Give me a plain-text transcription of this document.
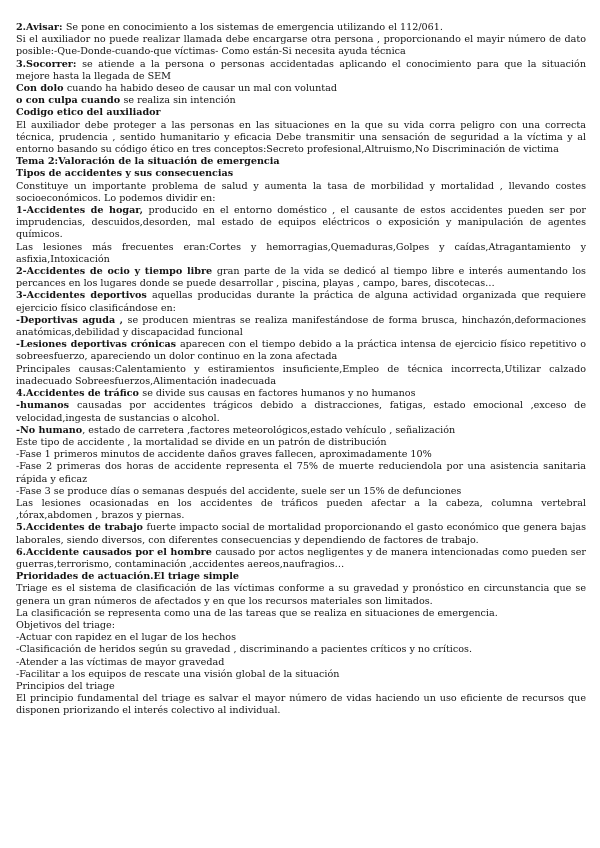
2.Avisar: Se pone en conocimiento a los sistemas de emergencia utilizando el 112/061.

Si el auxiliador no puede realizar llamada debe encargarse otra persona , proporcionando el mayir número de dato posible:-Que-Donde-cuando-que víctimas- Como están-Si necesita ayuda técnica

3.Socorrer: se atiende a la persona o personas accidentadas aplicando el conocimiento para que la situación mejore hasta la llegada de SEM

Con dolo cuando ha habido deseo de causar un mal con voluntad

o con culpa cuando se realiza sin intención

Codigo etico del auxiliador

El auxiliador debe proteger a las personas en las situaciones en la que su vida corra peligro con una correcta técnica, prudencia , sentido humanitario y eficacia Debe transmitir una sensación de seguridad a la víctima y al entorno basando su código ético en tres conceptos:Secreto profesional,Altruismo,No Discriminación de victima

Tema 2:Valoración de la situación de emergencia

Tipos de accidentes y sus consecuencias

Constituye un importante problema de salud y aumenta la tasa de morbilidad y mortalidad , llevando costes socioeconómicos. Lo podemos dividir en:

1-Accidentes de hogar, producido en el entorno doméstico , el causante de estos accidentes pueden ser por imprudencias, descuidos,desorden, mal estado de equipos eléctricos o exposición y manipulación de agentes químicos.

Las lesiones más frecuentes eran:Cortes y hemorragias,Quemaduras,Golpes y caídas,Atragantamiento y asfixia,Intoxicación

2-Accidentes de ocio y tiempo libre gran parte de la vida se dedicó al tiempo libre e interés aumentando los percances en los lugares donde se puede desarrollar , piscina, playas , campo, bares, discotecas…

3-Accidentes deportivos aquellas producidas durante la práctica de alguna actividad organizada que requiere ejercicio físico clasificándose en:

-Deportivas aguda , se producen mientras se realiza manifestándose de forma brusca, hinchazón,deformaciones anatómicas,debilidad y discapacidad funcional

-Lesiones deportivas crónicas aparecen con el tiempo debido a la práctica intensa de ejercicio físico repetitivo o sobreesfuerzo, apareciendo un dolor continuo en la zona afectada

Principales causas:Calentamiento y estiramientos insuficiente,Empleo de técnica incorrecta,Utilizar calzado inadecuado Sobreesfuerzos,Alimentación inadecuada

4.Accidentes de tráfico se divide sus causas en factores humanos y no humanos

-humanos causadas por accidentes trágicos debido a distracciones, fatigas, estado emocional ,exceso de velocidad,ingesta de sustancias o alcohol.

-No humano, estado de carretera ,factores meteorológicos,estado vehículo , señalización

Este tipo de accidente , la mortalidad se divide en un patrón de distribución

-Fase 1 primeros minutos de accidente daños graves fallecen, aproximadamente 10%

-Fase 2 primeras dos horas de accidente representa el 75% de muerte reduciendola por una asistencia sanitaria rápida y eficaz

-Fase 3 se produce días o semanas después del accidente, suele ser un 15% de defunciones

Las lesiones ocasionadas en los accidentes de tráficos pueden afectar a la cabeza, columna vertebral ,tórax,abdomen , brazos y piernas.

5.Accidentes de trabajo fuerte impacto social de mortalidad proporcionando el gasto económico que genera bajas laborales, siendo diversos, con diferentes consecuencias y dependiendo de factores de trabajo.

6.Accidente causados por el hombre causado por actos negligentes y de manera intencionadas como pueden ser guerras,terrorismo, contaminación ,accidentes aereos,naufragios…

Prioridades de actuación.El triage simple

Triage es el sistema de clasificación de las víctimas conforme a su gravedad y pronóstico en circunstancia que se genera un gran números de afectados y en que los recursos materiales son limitados.

La clasificación se representa como una de las tareas que se realiza en situaciones de emergencia.

Objetivos del triage:

-Actuar con rapidez en el lugar de los hechos

-Clasificación de heridos según su gravedad , discriminando a pacientes críticos y no críticos.

-Atender a las víctimas de mayor gravedad

-Facilitar a los equipos de rescate una visión global de la situación

Principios del triage

El principio fundamental del triage es salvar el mayor número de vidas haciendo un uso eficiente de recursos que disponen priorizando el interés colectivo al individual.
